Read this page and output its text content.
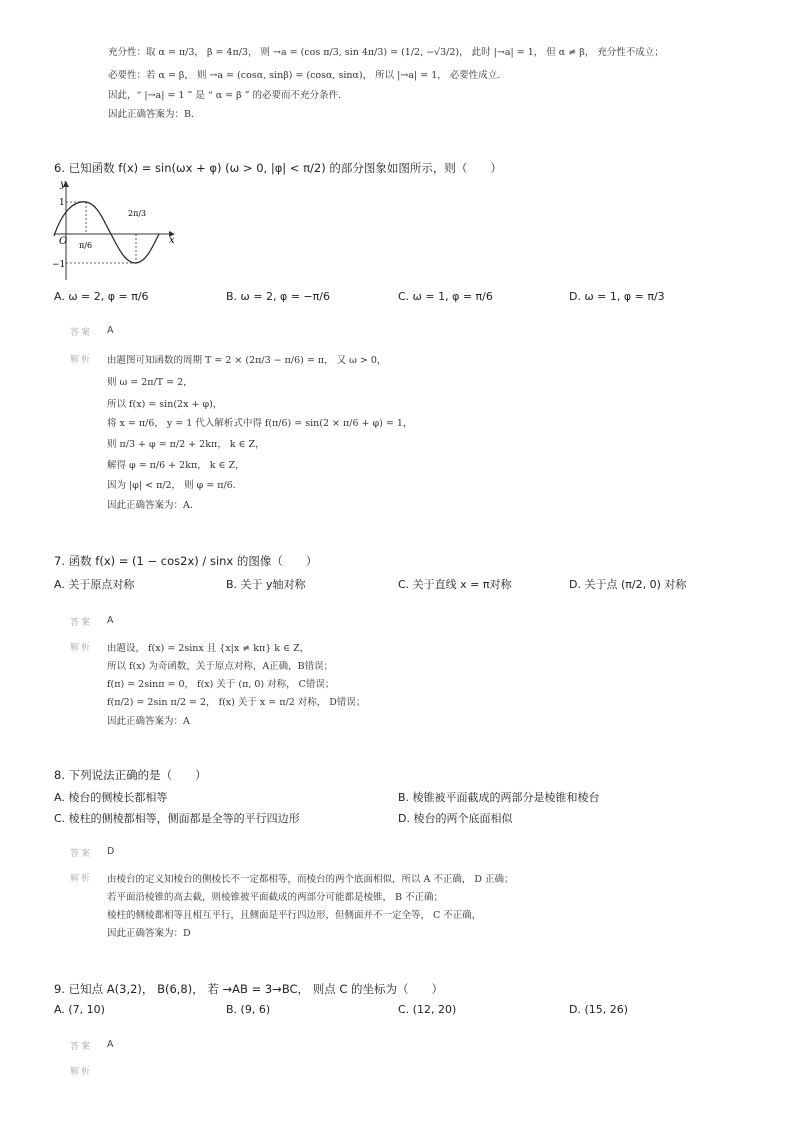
充分性：取 α = π/3， β = 4π/3， 则 →a = (cos π/3, sin 4π/3) = (1/2, −√3/2)， 此时 |→a| = 1， 但 α ≠ β， 充分性不成立；
必要性：若 α = β， 则 →a = (cosα, sinβ) = (cosα, sinα)， 所以 |→a| = 1， 必要性成立.
因此，“ |→a| = 1 ” 是 “ α = β ” 的必要而不充分条件.
因此正确答案为：B.
6. 已知函数 f(x) = sin(ωx + φ) (ω > 0, |φ| < π/2) 的部分图象如图所示，则（　　）
y
x
O
1
−1
π/6
2π/3
A. ω = 2, φ = π/6	B. ω = 2, φ = −π/6	C. ω = 1, φ = π/6	D. ω = 1, φ = π/3
答案 A
解析 由题图可知函数的周期 T = 2 × (2π/3 − π/6) = π， 又 ω > 0，
则 ω = 2π/T = 2，
所以 f(x) = sin(2x + φ)，
将 x = π/6， y = 1 代入解析式中得 f(π/6) = sin(2 × π/6 + φ) = 1，
则 π/3 + φ = π/2 + 2kπ， k ∈ Z，
解得 φ = π/6 + 2kπ， k ∈ Z，
因为 |φ| < π/2， 则 φ = π/6.
因此正确答案为：A.
7. 函数 f(x) = (1 − cos2x) / sinx 的图像（　　）
A. 关于原点对称	B. 关于 y轴对称	C. 关于直线 x = π对称	D. 关于点 (π/2, 0) 对称
答案 A
解析 由题设， f(x) = 2sinx 且 {x|x ≠ kπ} k ∈ Z，
所以 f(x) 为奇函数，关于原点对称，A正确，B错误；
f(π) = 2sinπ = 0， f(x) 关于 (π, 0) 对称， C错误；
f(π/2) = 2sin π/2 = 2， f(x) 关于 x = π/2 对称， D错误；
因此正确答案为：A
8. 下列说法正确的是（　　）
A. 棱台的侧棱长都相等	B. 棱锥被平面截成的两部分是棱锥和棱台
C. 棱柱的侧棱都相等，侧面都是全等的平行四边形	D. 棱台的两个底面相似
答案 D
解析 由棱台的定义知棱台的侧棱长不一定都相等，而棱台的两个底面相似，所以 A 不正确， D 正确；
若平面沿棱锥的高去截，则棱锥被平面截成的两部分可能都是棱锥， B 不正确；
棱柱的侧棱都相等且相互平行，且侧面是平行四边形，但侧面并不一定全等， C 不正确，
因此正确答案为：D
9. 已知点 A(3,2)， B(6,8)， 若 →AB = 3→BC， 则点 C 的坐标为（　　）
A. (7, 10)	B. (9, 6)	C. (12, 20)	D. (15, 26)
答案 A
解析
